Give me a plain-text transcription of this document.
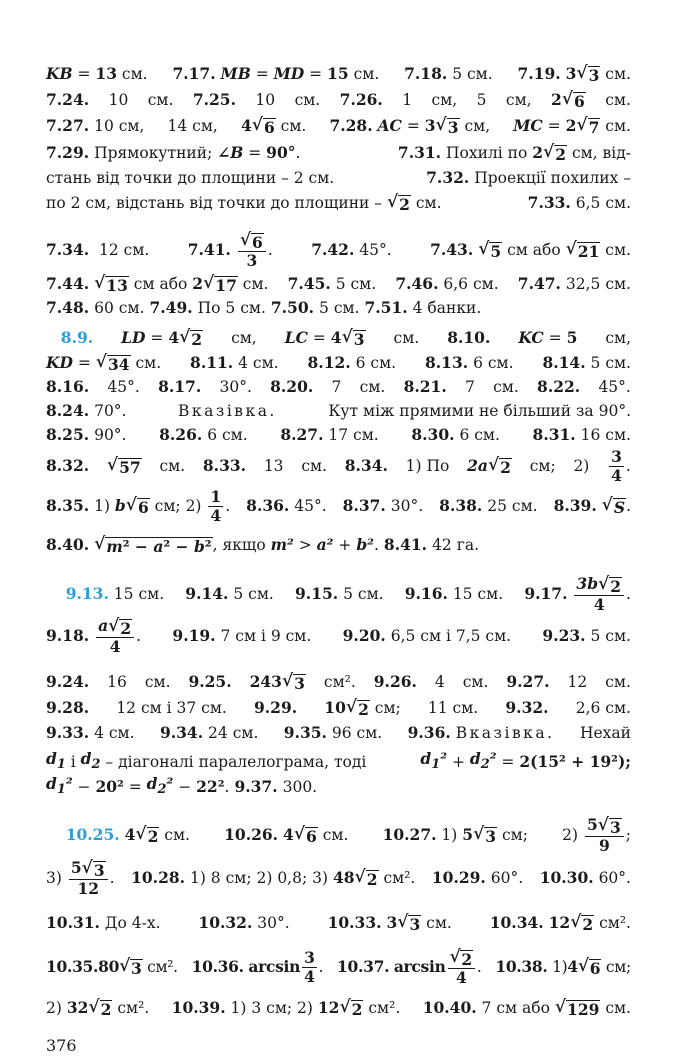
KB = 13 см. 7.17.
MB = MD = 15 см. 7.18. 5 см. 7.19.
3 √ 3 см.
7.24. 10 см. 7.25. 10 см. 7.26. 1 см, 5 см, 2 √ 6 см.
7.27. 10 см, 14 см, 4 √ 6 см. 7.28.
AC = 3 √ 3 см, MC = 2 √ 7 см.
7.29. Прямокутний; ∠B = 90° .	7.31. Похилі по 2 √ 2 см, від-
стань від точки до площини – 2 см.	7.32. Проекції похилих –
по 2 см, відстань від точки до площини – √ 2 см.	7.33. 6,5 см.
7.34. 12 см. 7.41.
$\frac{√ 6}{3}$ . 7.42. 45°. 7.43.
√ 5 см або √ 21 см.
7.44.
√ 13 см або 2 √ 17 см. 7.45. 5 см. 7.46. 6,6 см. 7.47. 32,5 см.
7.48. 60 см. 7.49. По 5 см. 7.50. 5 см. 7.51. 4 банки.

8.9. LD = 4 √ 2 см, LC = 4 √ 3 см. 8.10. KC = 5 см,
KD = √ 34 см. 8.11. 4 см. 8.12. 6 см. 8.13. 6 см. 8.14. 5 см.
8.16. 45°. 8.17. 30°. 8.20. 7 см. 8.21. 7 см. 8.22. 45°.
8.24. 70°.	Вказівка.	Кут між прямими не більший за 90°.
8.25. 90°. 8.26. 6 см. 8.27. 17 см. 8.30. 6 см. 8.31. 16 см.
8.32. √ 57 см. 8.33. 13 см. 8.34. 1) По 2a √ 2 см; $2) \frac{3}{4}$ .
8.35. 1) b √ 6 см; $2) \frac{1}{4}$ . 8.36. 45°. 8.37. 30°. 8.38. 25 см. 8.39.
√ S .
8.40. √ m² − a² − b² , якщо m² > a² + b² . 8.41. 42 га.

9.13. 15 см. 9.14. 5 см. 9.15. 5 см. 9.16. 15 см. 9.17.
$\frac{3b √ 2}{4}$ .
9.18.
$\frac{a √ 2}{4}$ . 9.19. 7 см і 9 см. 9.20. 6,5 см і 7,5 см. 9.23. 5 см.
9.24. 16 см. 9.25. 243 √ 3 см². 9.26. 4 см. 9.27. 12 см.
9.28. 12 см і 37 см. 9.29. 10 √ 2 см; 11 см. 9.32. 2,6 см.
9.33. 4 см. 9.34. 24 см. 9.35. 96 см. 9.36.
Вказівка. Нехай
$d_1$ і $d_2$ – діагоналі паралелограма, тоді	$d_1^2 + d_2^2 = 2(15^2 + 19^2)$;
$d_1^2 - 20^2 = d_2^2 - 22^2$ . 9.37. 300.

10.25.
4 √ 2 см. 10.26.
4 √ 6 см. 10.27. 1) 5 √ 3 см; $2) \frac{5 √ 3}{9}$ ;
$3) \frac{5 √ 3}{12}$ . 10.28. 1) 8 см; 2) 0,8; 3) 48 √ 2 см². 10.29. 60°. 10.30. 60°.
10.31. До 4-х. 10.32. 30°. 10.33.
3 √ 3 см. 10.34.
12 √ 2 см².
10.35. 80 √ 3 см². 10.36.
$\arcsin \frac{3}{4}$ . 10.37.
$\arcsin \frac{√ 2}{4}$ . 10.38. 1) 4 √ 6 см;
2) 32 √ 2 см². 10.39. 1) 3 см; 2) 12 √ 2 см². 10.40. 7 см або √ 129 см.
376
